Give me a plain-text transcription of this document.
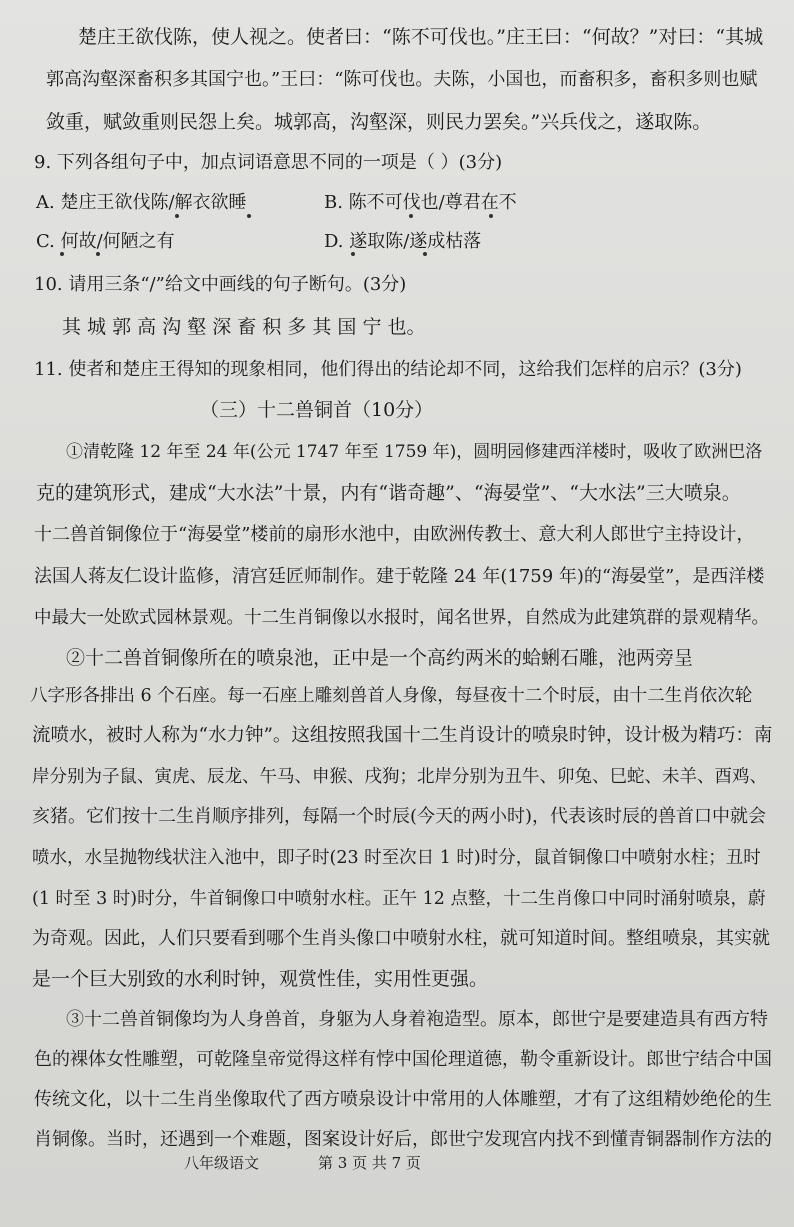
楚庄王欲伐陈，使人视之。使者曰：“陈不可伐也。”庄王曰：“何故？”对曰：“其城
郭高沟壑深畜积多其国宁也。”王曰：“陈可伐也。夫陈，小国也，而畜积多，畜积多则也赋
敛重，赋敛重则民怨上矣。城郭高，沟壑深，则民力罢矣。”兴兵伐之，遂取陈。
9. 下列各组句子中，加点词语意思不同的一项是（ ）(3分)
A. 楚庄王欲伐陈/解衣欲睡	B. 陈不可伐也/尊君在不
C. 何故/何陋之有	D. 遂取陈/遂成枯落
10. 请用三条“/”给文中画线的句子断句。(3分)
其 城 郭 高 沟 壑 深 畜 积 多 其 国 宁 也。
11. 使者和楚庄王得知的现象相同，他们得出的结论却不同，这给我们怎样的启示？(3分)
（三）十二兽铜首（10分）
①清乾隆 12 年至 24 年(公元 1747 年至 1759 年)，圆明园修建西洋楼时，吸收了欧洲巴洛
克的建筑形式，建成“大水法”十景，内有“谐奇趣”、“海晏堂”、“大水法”三大喷泉。
十二兽首铜像位于“海晏堂”楼前的扇形水池中，由欧洲传教士、意大利人郎世宁主持设计，
法国人蒋友仁设计监修，清宫廷匠师制作。建于乾隆 24 年(1759 年)的“海晏堂”，是西洋楼
中最大一处欧式园林景观。十二生肖铜像以水报时，闻名世界，自然成为此建筑群的景观精华。
②十二兽首铜像所在的喷泉池，正中是一个高约两米的蛤蜊石雕，池两旁呈
八字形各排出 6 个石座。每一石座上雕刻兽首人身像，每昼夜十二个时辰，由十二生肖依次轮
流喷水，被时人称为“水力钟”。这组按照我国十二生肖设计的喷泉时钟，设计极为精巧：南
岸分别为子鼠、寅虎、辰龙、午马、申猴、戌狗；北岸分别为丑牛、卯兔、巳蛇、未羊、酉鸡、
亥猪。它们按十二生肖顺序排列，每隔一个时辰(今天的两小时)，代表该时辰的兽首口中就会
喷水，水呈抛物线状注入池中，即子时(23 时至次日 1 时)时分，鼠首铜像口中喷射水柱；丑时
(1 时至 3 时)时分，牛首铜像口中喷射水柱。正午 12 点整，十二生肖像口中同时涌射喷泉，蔚
为奇观。因此，人们只要看到哪个生肖头像口中喷射水柱，就可知道时间。整组喷泉，其实就
是一个巨大别致的水利时钟，观赏性佳，实用性更强。
③十二兽首铜像均为人身兽首，身躯为人身着袍造型。原本，郎世宁是要建造具有西方特
色的裸体女性雕塑，可乾隆皇帝觉得这样有悖中国伦理道德，勒令重新设计。郎世宁结合中国
传统文化，以十二生肖坐像取代了西方喷泉设计中常用的人体雕塑，才有了这组精妙绝伦的生
肖铜像。当时，还遇到一个难题，图案设计好后，郎世宁发现宫内找不到懂青铜器制作方法的
八年级语文	第 3 页 共 7 页
